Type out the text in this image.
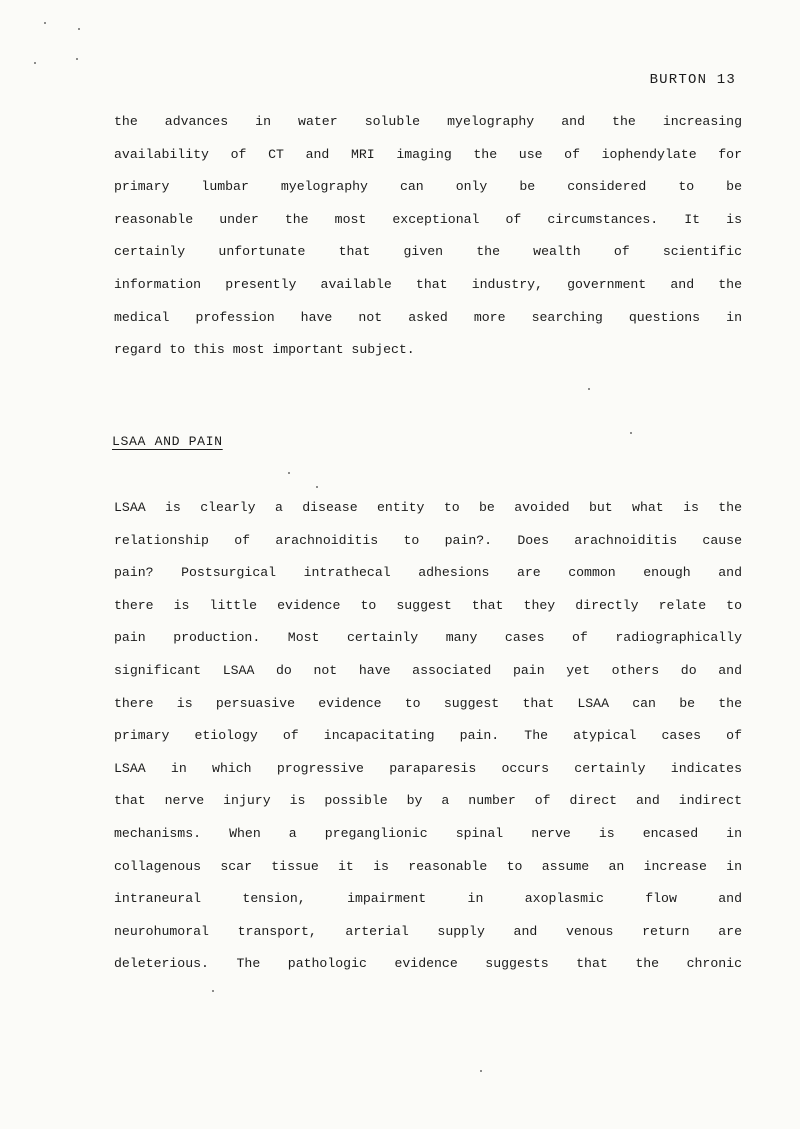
BURTON 13
the advances in water soluble myelography and the increasing
availability of CT and MRI imaging the use of iophendylate for
primary lumbar myelography can only be considered to be
reasonable under the most exceptional of circumstances. It is
certainly unfortunate that given the wealth of scientific
information presently available that industry, government and the
medical profession have not asked more searching questions in
regard to this most important subject.
LSAA AND PAIN
LSAA is clearly a disease entity to be avoided but what is the
relationship of arachnoiditis to pain?. Does arachnoiditis cause
pain? Postsurgical intrathecal adhesions are common enough and
there is little evidence to suggest that they directly relate to
pain production. Most certainly many cases of radiographically
significant LSAA do not have associated pain yet others do and
there is persuasive evidence to suggest that LSAA can be the
primary etiology of incapacitating pain. The atypical cases of
LSAA in which progressive paraparesis occurs certainly indicates
that nerve injury is possible by a number of direct and indirect
mechanisms. When a preganglionic spinal nerve is encased in
collagenous scar tissue it is reasonable to assume an increase in
intraneural tension, impairment in axoplasmic flow and
neurohumoral transport, arterial supply and venous return are
deleterious. The pathologic evidence suggests that the chronic
